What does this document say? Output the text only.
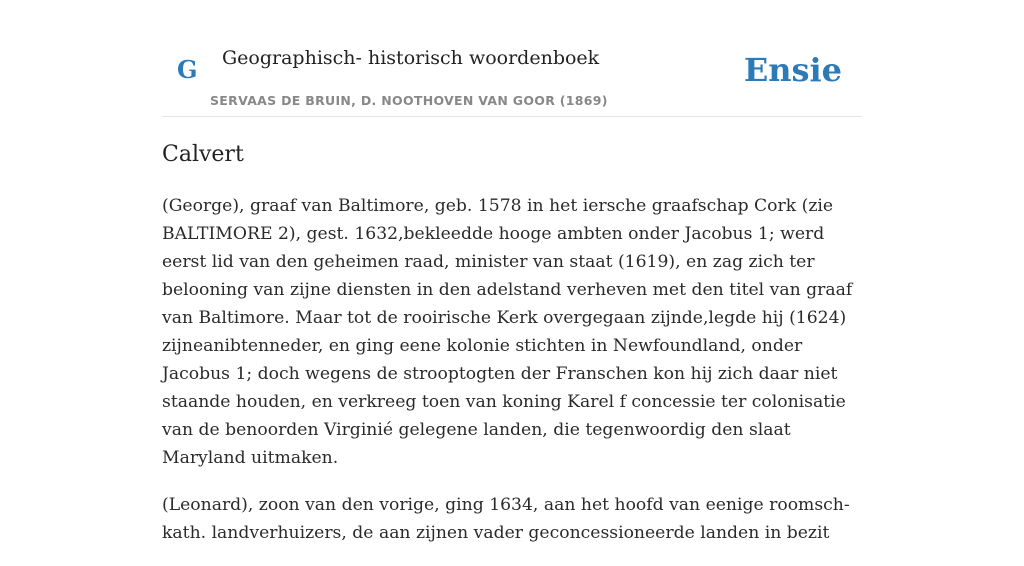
G Geographisch- historisch woordenboek
SERVAAS DE BRUIN, D. NOOTHOVEN VAN GOOR (1869)
Ensie
Calvert

(George), graaf van Baltimore, geb. 1578 in het iersche graafschap Cork (zie BALTIMORE 2), gest. 1632,bekleedde hooge ambten onder Jacobus 1; werd eerst lid van den geheimen raad, minister van staat (1619), en zag zich ter belooning van zijne diensten in den adelstand verheven met den titel van graaf van Baltimore. Maar tot de rooirische Kerk overgegaan zijnde,legde hij (1624) zijneanibtenneder, en ging eene kolonie stichten in Newfoundland, onder Jacobus 1; doch wegens de strooptogten der Franschen kon hij zich daar niet staande houden, en verkreeg toen van koning Karel f concessie ter colonisatie van de benoorden Virginié gelegene landen, die tegenwoordig den slaat Maryland uitmaken.

(Leonard), zoon van den vorige, ging 1634, aan het hoofd van eenige roomsch-kath. landverhuizers, de aan zijnen vader geconcessioneerde landen in bezit
